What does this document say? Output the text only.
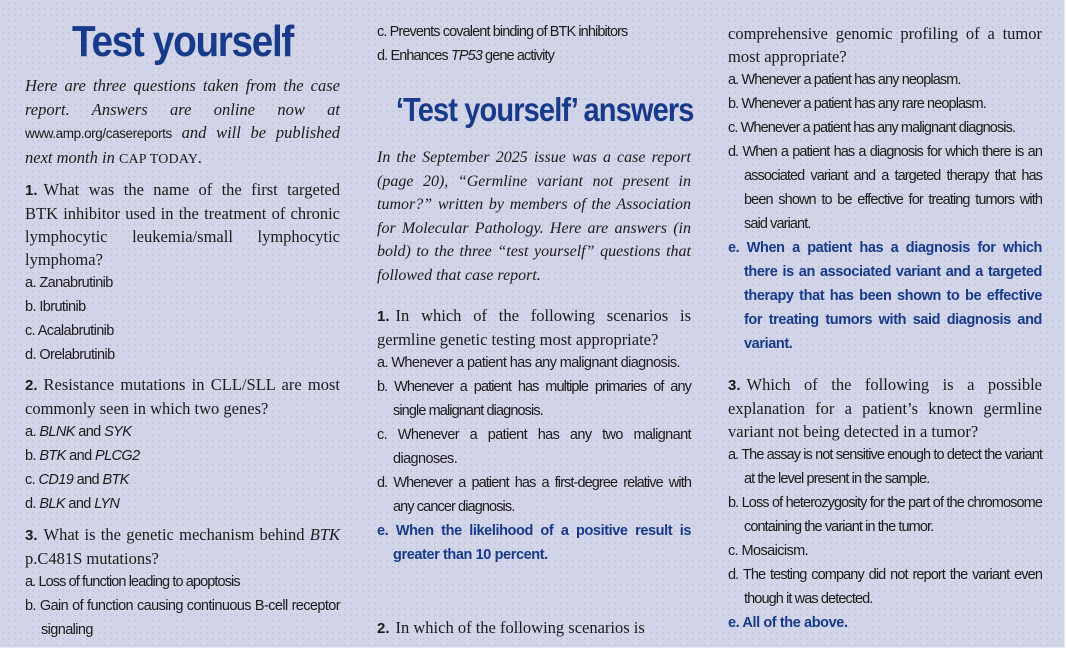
Test yourself

Here are three questions taken from the case report. Answers are online now at www.amp.org/casereports and will be published next month in CAP TODAY.

1. What was the name of the first targeted BTK inhibitor used in the treatment of chronic lymphocytic leukemia/small lymphocytic lymphoma?

a. Zanabrutinib

b. Ibrutinib

c. Acalabrutinib

d. Orelabrutinib

2. Resistance mutations in CLL/SLL are most commonly seen in which two genes?

a. BLNK and SYK

b. BTK and PLCG2

c. CD19 and BTK

d. BLK and LYN

3. What is the genetic mechanism behind BTK p.C481S mutations?

a. Loss of function leading to apoptosis

b. Gain of function causing continuous B-cell receptor signaling

c. Prevents covalent binding of BTK inhibitors

d. Enhances TP53 gene activity

‘Test yourself’ answers

In the September 2025 issue was a case report (page 20), “Germline variant not present in tumor?” written by members of the Association for Molecular Pathology. Here are answers (in bold) to the three “test yourself” questions that followed that case report.

1. In which of the following scenarios is germline genetic testing most appropriate?

a. Whenever a patient has any malignant diagnosis.

b. Whenever a patient has multiple primaries of any single malignant diagnosis.

c. Whenever a patient has any two malignant diagnoses.

d. Whenever a patient has a first-degree relative with any cancer diagnosis.

e. When the likelihood of a positive result is greater than 10 percent.

2. In which of the following scenarios is

comprehensive genomic profiling of a tumor most appropriate?

a. Whenever a patient has any neoplasm.

b. Whenever a patient has any rare neoplasm.

c. Whenever a patient has any malignant diagnosis.

d. When a patient has a diagnosis for which there is an associated variant and a targeted therapy that has been shown to be effective for treating tumors with said variant.

e. When a patient has a diagnosis for which there is an associated variant and a targeted therapy that has been shown to be effective for treating tumors with said diagnosis and variant.

3. Which of the following is a possible explanation for a patient’s known germline variant not being detected in a tumor?

a. The assay is not sensitive enough to detect the variant at the level present in the sample.

b. Loss of heterozygosity for the part of the chromosome containing the variant in the tumor.

c. Mosaicism.

d. The testing company did not report the variant even though it was detected.

e. All of the above.
